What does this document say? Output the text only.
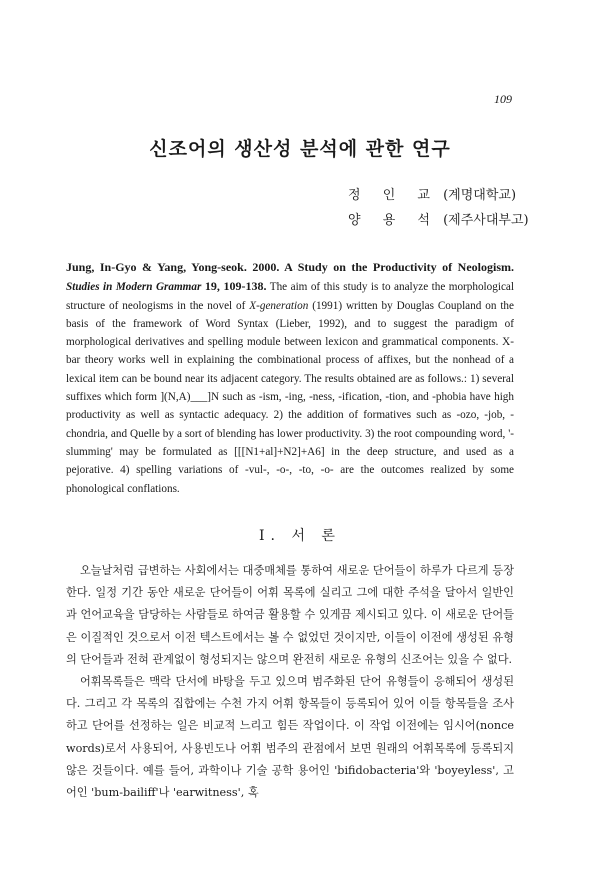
109
신조어의 생산성 분석에 관한 연구
정 인 교 (계명대학교)
양 용 석 (제주사대부고)
Jung, In-Gyo & Yang, Yong-seok. 2000. A Study on the Productivity of Neologism. Studies in Modern Grammar 19, 109-138. The aim of this study is to analyze the morphological structure of neologisms in the novel of X-generation (1991) written by Douglas Coupland on the basis of the framework of Word Syntax (Lieber, 1992), and to suggest the paradigm of morphological derivatives and spelling module between lexicon and grammatical components. X-bar theory works well in explaining the combinational process of affixes, but the nonhead of a lexical item can be bound near its adjacent category. The results obtained are as follows.: 1) several suffixes which form ](N,A)___]N such as -ism, -ing, -ness, -ification, -tion, and -phobia have high productivity as well as syntactic adequacy. 2) the addition of formatives such as -ozo, -job, -chondria, and Quelle by a sort of blending has lower productivity. 3) the root compounding word, '-slumming' may be formulated as [[[N1+al]+N2]+A6] in the deep structure, and used as a pejorative. 4) spelling variations of -vul-, -o-, -to, -o- are the outcomes realized by some phonological conflations.
I. 서 론

오늘날처럼 급변하는 사회에서는 대중매체를 통하여 새로운 단어들이 하루가 다르게 등장한다. 일정 기간 동안 새로운 단어들이 어휘 목록에 실리고 그에 대한 주석을 달아서 일반인과 언어교육을 담당하는 사람들로 하여금 활용할 수 있게끔 제시되고 있다. 이 새로운 단어들은 이질적인 것으로서 이전 텍스트에서는 볼 수 없었던 것이지만, 이들이 이전에 생성된 유형의 단어들과 전혀 관계없이 형성되지는 않으며 완전히 새로운 유형의 신조어는 있을 수 없다.

어휘목록들은 맥락 단서에 바탕을 두고 있으며 범주화된 단어 유형들이 응해되어 생성된다. 그리고 각 목록의 집합에는 수천 가지 어휘 항목들이 등록되어 있어 이들 항목들을 조사하고 단어를 선정하는 일은 비교적 느리고 힘든 작업이다. 이 작업 이전에는 임시어(nonce words)로서 사용되어, 사용빈도나 어휘 범주의 관점에서 보면 원래의 어휘목록에 등록되지 않은 것들이다. 예를 들어, 과학이나 기술 공학 용어인 'bifidobacteria'와 'boyeyless', 고어인 'bum-bailiff'나 'earwitness', 혹
